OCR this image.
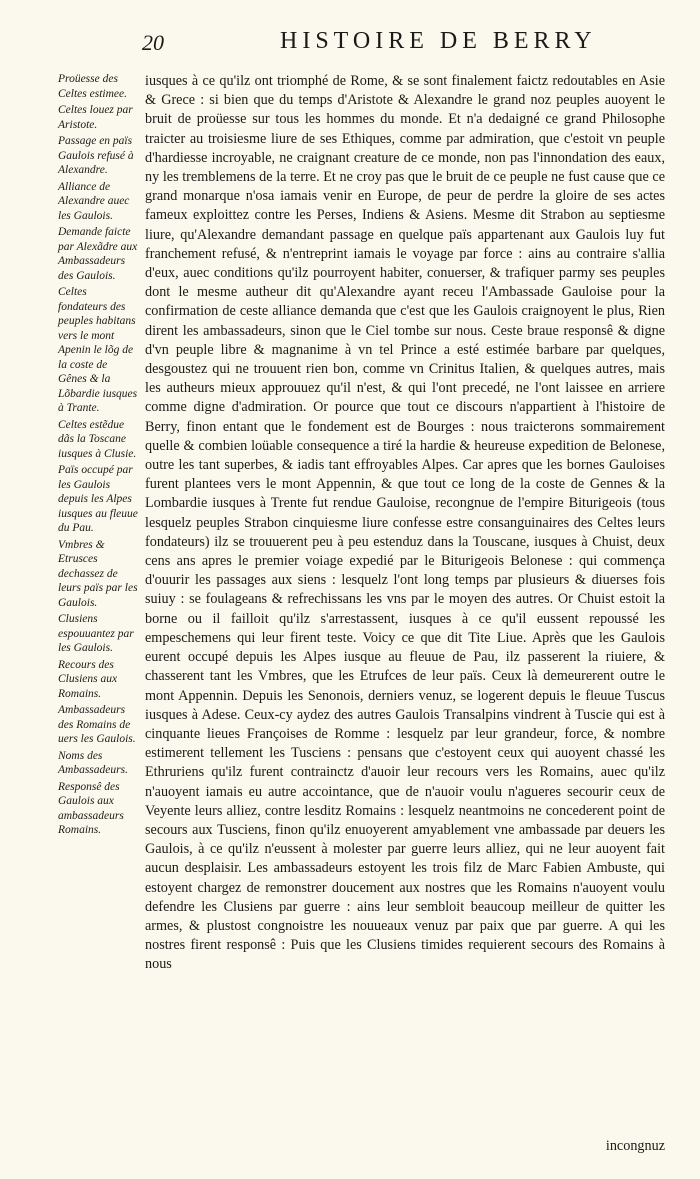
20	HISTOIRE DE BERRY
Proüesse des Celtes estimee.
Celtes louez par Aristote.
Passage en païs Gaulois refusé à Alexandre.
Alliance de Alexandre auec les Gaulois.
Demande faicte par Alexãdre aux Ambassadeurs des Gaulois.
Celtes fondateurs des peuples habitans vers le mont Apenin le lõg de la coste de Gênes & la Lõbardie iusques à Trante.
Celtes estẽdue dãs la Toscane iusques à Clusie.
Païs occupé par les Gaulois depuis les Alpes iusques au fleuue du Pau.
Vmbres & Etrusces dechassez de leurs païs par les Gaulois.
Clusiens espouuantez par les Gaulois.
Recours des Clusiens aux Romains.
Ambassadeurs des Romains de uers les Gaulois.
Noms des Ambassadeurs.
Responsê des Gaulois aux ambassadeurs Romains.
iusques à ce qu'ilz ont triomphé de Rome, & se sont finalement faictz redoutables en Asie & Grece : si bien que du temps d'Aristote & Alexandre le grand noz peuples auoyent le bruit de proüesse sur tous les hommes du monde. Et n'a dedaigné ce grand Philosophe traicter au troisiesme liure de ses Ethiques, comme par admiration, que c'estoit vn peuple d'hardiesse incroyable, ne craignant creature de ce monde, non pas l'innondation des eaux, ny les tremblemens de la terre. Et ne croy pas que le bruit de ce peuple ne fust cause que ce grand monarque n'osa iamais venir en Europe, de peur de perdre la gloire de ses actes fameux exploittez contre les Perses, Indiens & Asiens. Mesme dit Strabon au septiesme liure, qu'Alexandre demandant passage en quelque païs appartenant aux Gaulois luy fut franchement refusé, & n'entreprint iamais le voyage par force : ains au contraire s'allia d'eux, auec conditions qu'ilz pourroyent habiter, conuerser, & trafiquer parmy ses peuples dont le mesme autheur dit qu'Alexandre ayant receu l'Ambassade Gauloise pour la confirmation de ceste alliance demanda que c'est que les Gaulois craignoyent le plus, Rien dirent les ambassadeurs, sinon que le Ciel tombe sur nous. Ceste braue responsê & digne d'vn peuple libre & magnanime à vn tel Prince a esté estimée barbare par quelques, desgoustez qui ne trouuent rien bon, comme vn Crinitus Italien, & quelques autres, mais les autheurs mieux approuuez qu'il n'est, & qui l'ont precedé, ne l'ont laissee en arriere comme digne d'admiration. Or pource que tout ce discours n'appartient à l'histoire de Berry, finon entant que le fondement est de Bourges : nous traicterons sommairement quelle & combien loüable consequence a tiré la hardie & heureuse expedition de Belonese, outre les tant superbes, & iadis tant effroyables Alpes. Car apres que les bornes Gauloises furent plantees vers le mont Appennin, & que tout ce long de la coste de Gennes & la Lombardie iusques à Trente fut rendue Gauloise, recongnue de l'empire Biturigeois (tous lesquelz peuples Strabon cinquiesme liure confesse estre consanguinaires des Celtes leurs fondateurs) ilz se trouuerent peu à peu estenduz dans la Touscane, iusques à Chuist, deux cens ans apres le premier voiage expedié par le Biturigeois Belonese : qui commença d'ouurir les passages aux siens : lesquelz l'ont long temps par plusieurs & diuerses fois suiuy : se foulageans & refrechissans les vns par le moyen des autres. Or Chuist estoit la borne ou il failloit qu'ilz s'arrestassent, iusques à ce qu'il eussent repoussé les empeschemens qui leur firent teste. Voicy ce que dit Tite Liue. Après que les Gaulois eurent occupé depuis les Alpes iusque au fleuue de Pau, ilz passerent la riuiere, & chasserent tant les Vmbres, que les Etrufces de leur païs. Ceux là demeurerent outre le mont Appennin. Depuis les Senonois, derniers venuz, se logerent depuis le fleuue Tuscus iusques à Adese. Ceux-cy aydez des autres Gaulois Transalpins vindrent à Tuscie qui est à cinquante lieues Françoises de Romme : lesquelz par leur grandeur, force, & nombre estimerent tellement les Tusciens : pensans que c'estoyent ceux qui auoyent chassé les Ethruriens qu'ilz furent contrainctz d'auoir leur recours vers les Romains, auec qu'ilz n'auoyent iamais eu autre accointance, que de n'auoir voulu n'agueres secourir ceux de Veyente leurs alliez, contre lesditz Romains : lesquelz neantmoins ne concederent point de secours aux Tusciens, finon qu'ilz enuoyerent amyablement vne ambassade par deuers les Gaulois, à ce qu'ilz n'eussent à molester par guerre leurs alliez, qui ne leur auoyent fait aucun desplaisir. Les ambassadeurs estoyent les trois filz de Marc Fabien Ambuste, qui estoyent chargez de remonstrer doucement aux nostres que les Romains n'auoyent voulu defendre les Clusiens par guerre : ains leur sembloit beaucoup meilleur de quitter les armes, & plustost congnoistre les nouueaux venuz par paix que par guerre. A qui les nostres firent responsê : Puis que les Clusiens timides requierent secours des Romains à nous
incongnuz
